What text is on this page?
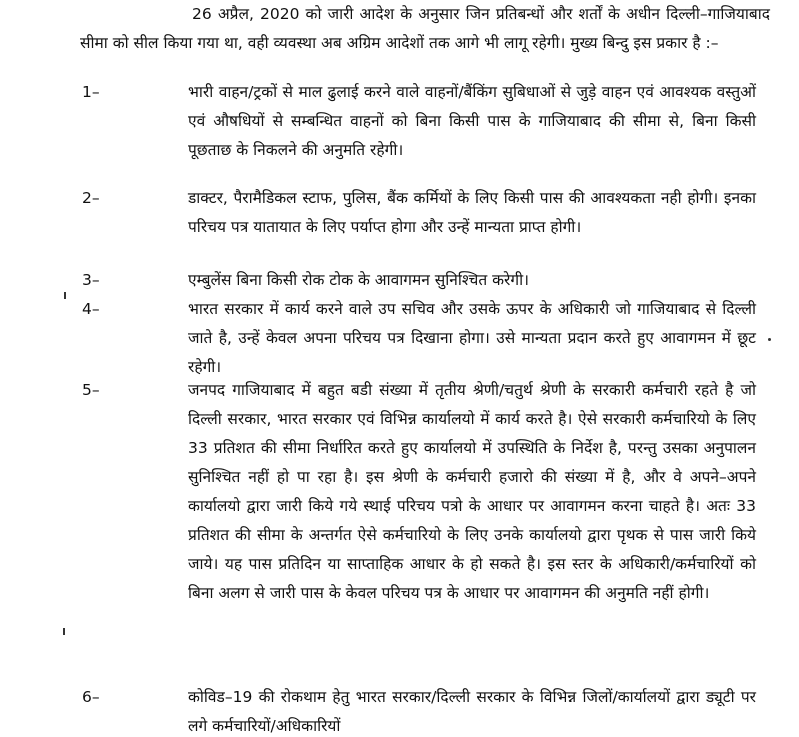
26 अप्रैल, 2020 को जारी आदेश के अनुसार जिन प्रतिबन्धों और शर्तों के अधीन दिल्ली–गाजियाबाद सीमा को सील किया गया था, वही व्यवस्था अब अग्रिम आदेशों तक आगे भी लागू रहेगी। मुख्य बिन्दु इस प्रकार है :–

1–	भारी वाहन/ट्रकों से माल ढुलाई करने वाले वाहनों/बैंकिंग सुबिधाओं से जुड़े वाहन एवं आवश्यक वस्तुओं एवं औषधियों से सम्बन्धित वाहनों को बिना किसी पास के गाजियाबाद की सीमा से, बिना किसी पूछताछ के निकलने की अनुमति रहेगी।

2–	डाक्टर, पैरामैडिकल स्टाफ, पुलिस, बैंक कर्मियों के लिए किसी पास की आवश्यकता नही होगी। इनका परिचय पत्र यातायात के लिए पर्याप्त होगा और उन्हें मान्यता प्राप्त होगी।

3–	एम्बुलेंस बिना किसी रोक टोक के आवागमन सुनिश्चित करेगी।

4–	भारत सरकार में कार्य करने वाले उप सचिव और उसके ऊपर के अधिकारी जो गाजियाबाद से दिल्ली जाते है, उन्हें केवल अपना परिचय पत्र दिखाना होगा। उसे मान्यता प्रदान करते हुए आवागमन में छूट रहेगी।

5–	जनपद गाजियाबाद में बहुत बडी संख्या में तृतीय श्रेणी/चतुर्थ श्रेणी के सरकारी कर्मचारी रहते है जो दिल्ली सरकार, भारत सरकार एवं विभिन्न कार्यालयो में कार्य करते है। ऐसे सरकारी कर्मचारियो के लिए 33 प्रतिशत की सीमा निर्धारित करते हुए कार्यालयो में उपस्थिति के निर्देश है, परन्तु उसका अनुपालन सुनिश्चित नहीं हो पा रहा है। इस श्रेणी के कर्मचारी हजारो की संख्या में है, और वे अपने–अपने कार्यालयो द्वारा जारी किये गये स्थाई परिचय पत्रो के आधार पर आवागमन करना चाहते है। अतः 33 प्रतिशत की सीमा के अन्तर्गत ऐसे कर्मचारियो के लिए उनके कार्यालयो द्वारा पृथक से पास जारी किये जाये। यह पास प्रतिदिन या साप्ताहिक आधार के हो सकते है। इस स्तर के अधिकारी/कर्मचारियों को बिना अलग से जारी पास के केवल परिचय पत्र के आधार पर आवागमन की अनुमति नहीं होगी।

6–	कोविड–19 की रोकथाम हेतु भारत सरकार/दिल्ली सरकार के विभिन्न जिलों/कार्यालयों द्वारा ड्यूटी पर लगे कर्मचारियों/अधिकारियों
